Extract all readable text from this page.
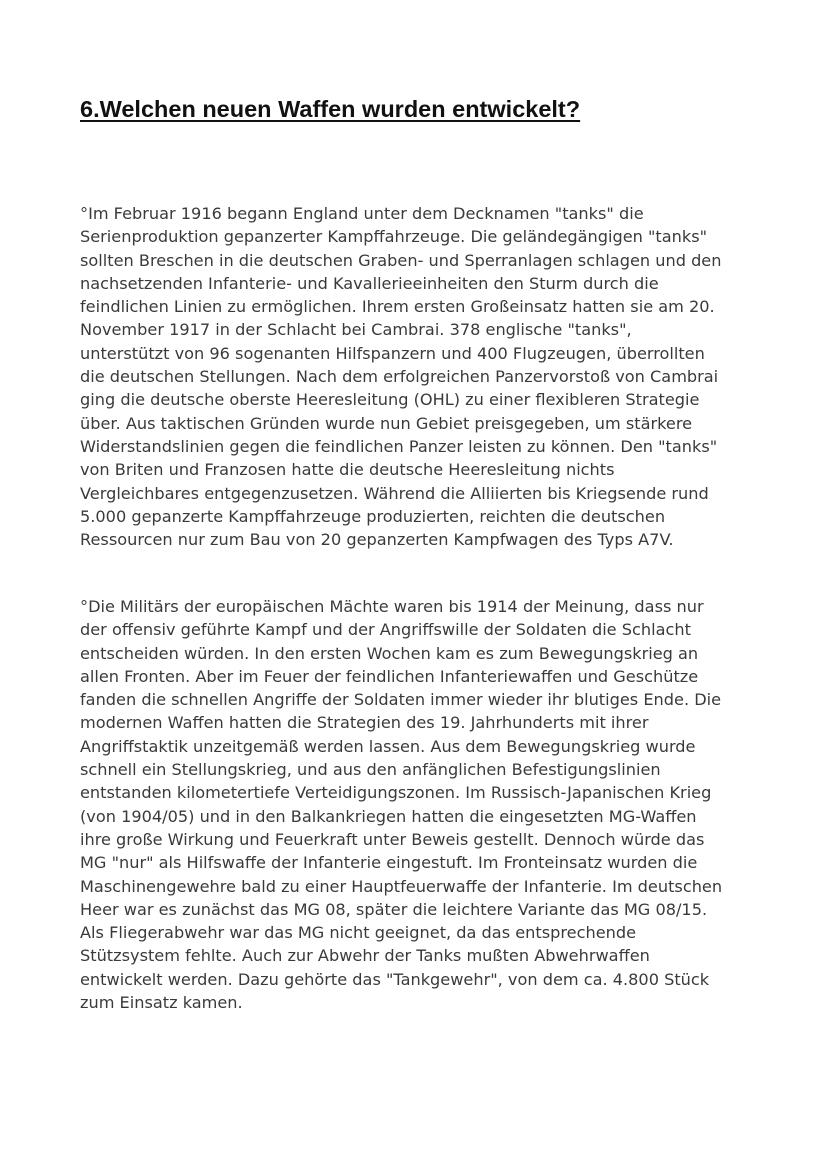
6.Welchen neuen Waffen wurden entwickelt?

°Im Februar 1916 begann England unter dem Decknamen "tanks" die
Serienproduktion gepanzerter Kampffahrzeuge. Die geländegängigen "tanks"
sollten Breschen in die deutschen Graben- und Sperranlagen schlagen und den
nachsetzenden Infanterie- und Kavallerieeinheiten den Sturm durch die
feindlichen Linien zu ermöglichen. Ihrem ersten Großeinsatz hatten sie am 20.
November 1917 in der Schlacht bei Cambrai. 378 englische "tanks",
unterstützt von 96 sogenanten Hilfspanzern und 400 Flugzeugen, überrollten
die deutschen Stellungen. Nach dem erfolgreichen Panzervorstoß von Cambrai
ging die deutsche oberste Heeresleitung (OHL) zu einer flexibleren Strategie
über. Aus taktischen Gründen wurde nun Gebiet preisgegeben, um stärkere
Widerstandslinien gegen die feindlichen Panzer leisten zu können. Den "tanks"
von Briten und Franzosen hatte die deutsche Heeresleitung nichts
Vergleichbares entgegenzusetzen. Während die Alliierten bis Kriegsende rund
5.000 gepanzerte Kampffahrzeuge produzierten, reichten die deutschen
Ressourcen nur zum Bau von 20 gepanzerten Kampfwagen des Typs A7V.

°Die Militärs der europäischen Mächte waren bis 1914 der Meinung, dass nur
der offensiv geführte Kampf und der Angriffswille der Soldaten die Schlacht
entscheiden würden. In den ersten Wochen kam es zum Bewegungskrieg an
allen Fronten. Aber im Feuer der feindlichen Infanteriewaffen und Geschütze
fanden die schnellen Angriffe der Soldaten immer wieder ihr blutiges Ende. Die
modernen Waffen hatten die Strategien des 19. Jahrhunderts mit ihrer
Angriffstaktik unzeitgemäß werden lassen. Aus dem Bewegungskrieg wurde
schnell ein Stellungskrieg, und aus den anfänglichen Befestigungslinien
entstanden kilometertiefe Verteidigungszonen. Im Russisch-Japanischen Krieg
(von 1904/05) und in den Balkankriegen hatten die eingesetzten MG-Waffen
ihre große Wirkung und Feuerkraft unter Beweis gestellt. Dennoch würde das
MG "nur" als Hilfswaffe der Infanterie eingestuft. Im Fronteinsatz wurden die
Maschinengewehre bald zu einer Hauptfeuerwaffe der Infanterie. Im deutschen
Heer war es zunächst das MG 08, später die leichtere Variante das MG 08/15.
Als Fliegerabwehr war das MG nicht geeignet, da das entsprechende
Stützsystem fehlte. Auch zur Abwehr der Tanks mußten Abwehrwaffen
entwickelt werden. Dazu gehörte das "Tankgewehr", von dem ca. 4.800 Stück
zum Einsatz kamen.
